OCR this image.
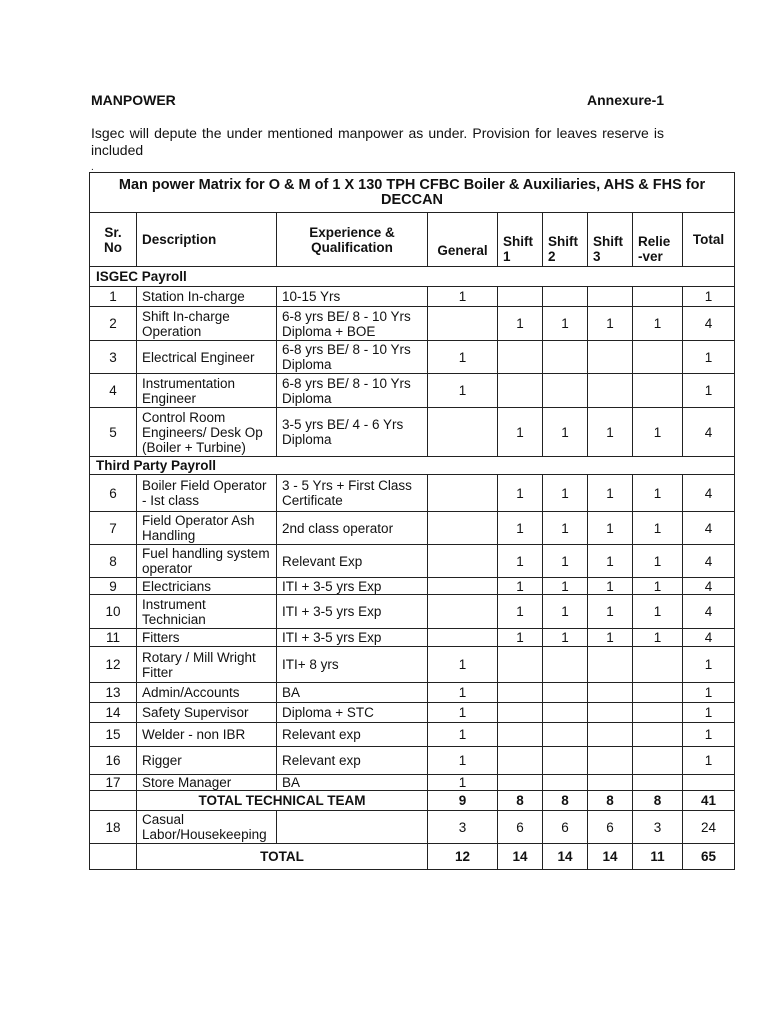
MANPOWER	Annexure-1
Isgec will depute the under mentioned manpower as under. Provision for leaves reserve is included
.
Man power Matrix for O & M of 1 X 130 TPH CFBC Boiler & Auxiliaries, AHS & FHS for DECCAN								
Sr. No	Description	Experience & Qualification	General	Shift 1	Shift 2	Shift 3	Relie -ver	Total
ISGEC Payroll								
1	Station In-charge	10-15 Yrs	1					1
2	Shift In-charge Operation	6-8 yrs BE/ 8 - 10 Yrs Diploma + BOE		1	1	1	1	4
3	Electrical Engineer	6-8 yrs BE/ 8 - 10 Yrs Diploma	1					1
4	Instrumentation Engineer	6-8 yrs BE/ 8 - 10 Yrs Diploma	1					1
5	Control Room Engineers/ Desk Op (Boiler + Turbine)	3-5 yrs BE/ 4 - 6 Yrs Diploma		1	1	1	1	4
Third Party Payroll								
6	Boiler Field Operator - Ist class	3 - 5 Yrs + First Class Certificate		1	1	1	1	4
7	Field Operator Ash Handling	2nd class operator		1	1	1	1	4
8	Fuel handling system operator	Relevant Exp		1	1	1	1	4
9	Electricians	ITI + 3-5 yrs Exp		1	1	1	1	4
10	Instrument Technician	ITI + 3-5 yrs Exp		1	1	1	1	4
11	Fitters	ITI + 3-5 yrs Exp		1	1	1	1	4
12	Rotary / Mill Wright Fitter	ITI+ 8 yrs	1					1
13	Admin/Accounts	BA	1					1
14	Safety Supervisor	Diploma + STC	1					1
15	Welder - non IBR	Relevant exp	1					1
16	Rigger	Relevant exp	1					1
17	Store Manager	BA	1					
	TOTAL TECHNICAL TEAM		9	8	8	8	8	41
18	Casual Labor/Housekeeping		3	6	6	6	3	24
	TOTAL		12	14	14	14	11	65
